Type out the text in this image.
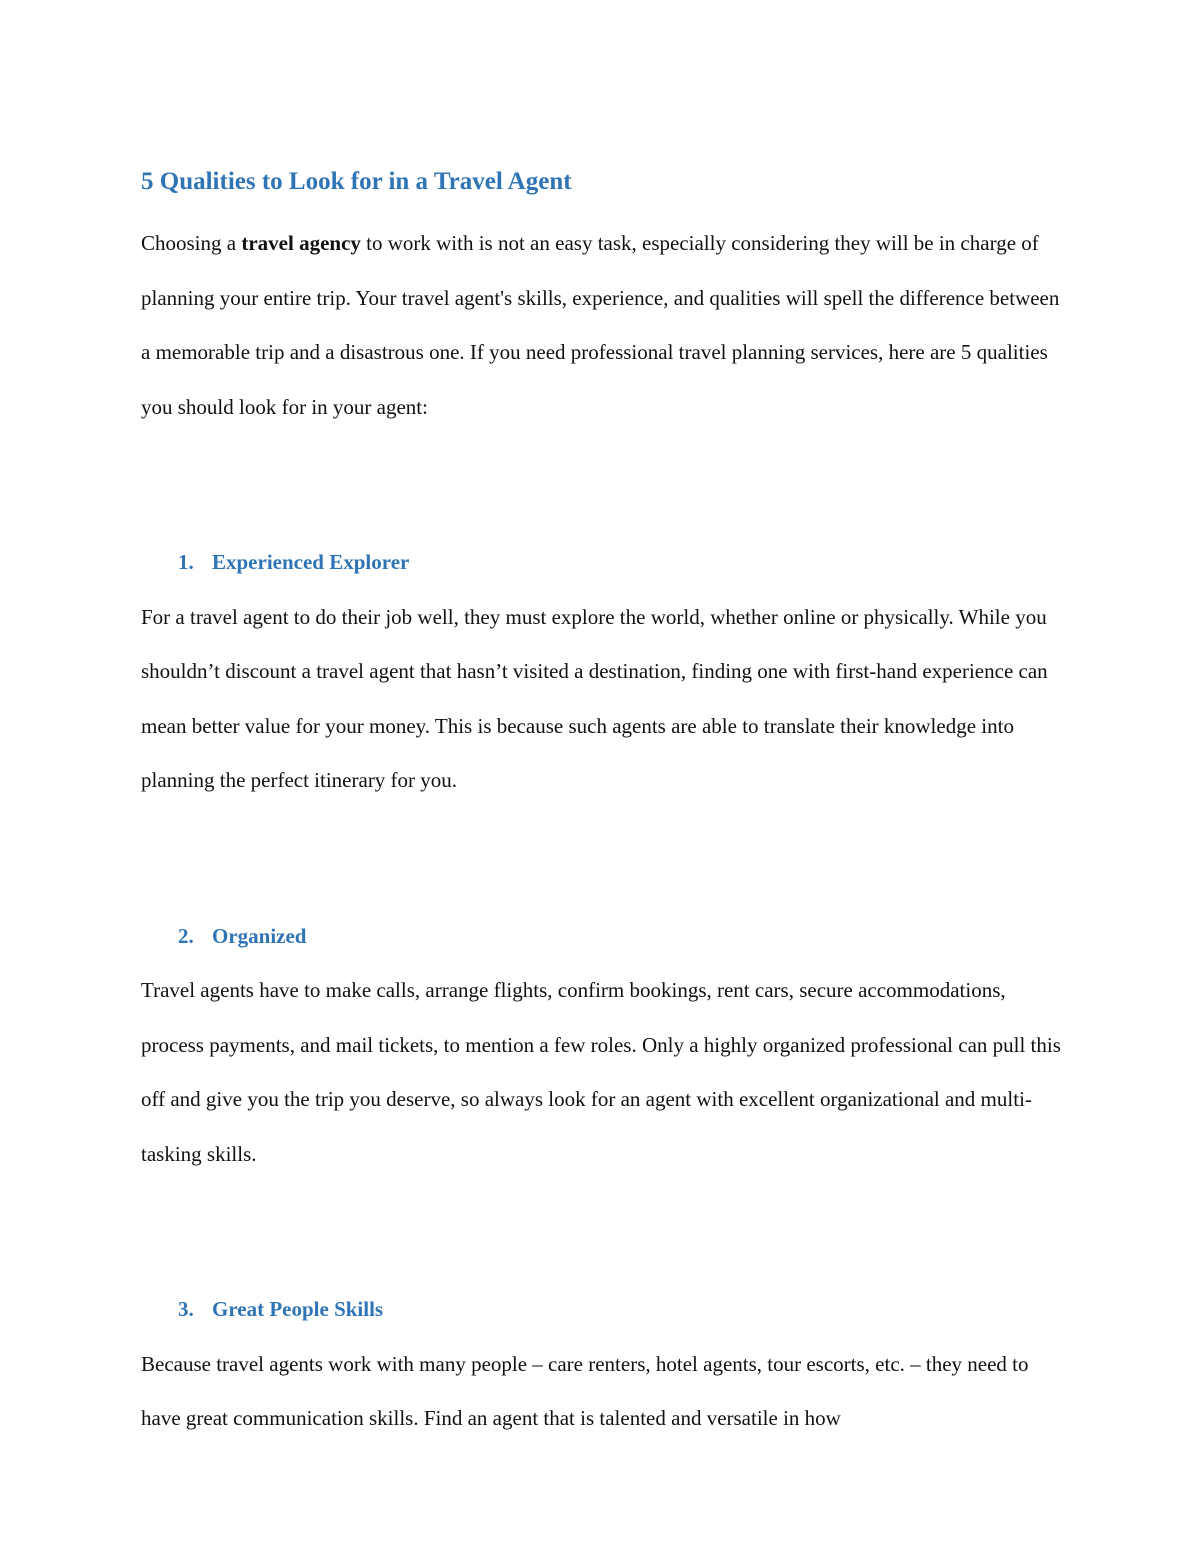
5 Qualities to Look for in a Travel Agent

Choosing a travel agency to work with is not an easy task, especially considering they will be in charge of planning your entire trip. Your travel agent's skills, experience, and qualities will spell the difference between a memorable trip and a disastrous one. If you need professional travel planning services, here are 5 qualities you should look for in your agent:

1. Experienced Explorer

For a travel agent to do their job well, they must explore the world, whether online or physically. While you shouldn’t discount a travel agent that hasn’t visited a destination, finding one with first-hand experience can mean better value for your money. This is because such agents are able to translate their knowledge into planning the perfect itinerary for you.

2. Organized

Travel agents have to make calls, arrange flights, confirm bookings, rent cars, secure accommodations, process payments, and mail tickets, to mention a few roles. Only a highly organized professional can pull this off and give you the trip you deserve, so always look for an agent with excellent organizational and multi-tasking skills.

3. Great People Skills

Because travel agents work with many people – care renters, hotel agents, tour escorts, etc. – they need to have great communication skills. Find an agent that is talented and versatile in how
